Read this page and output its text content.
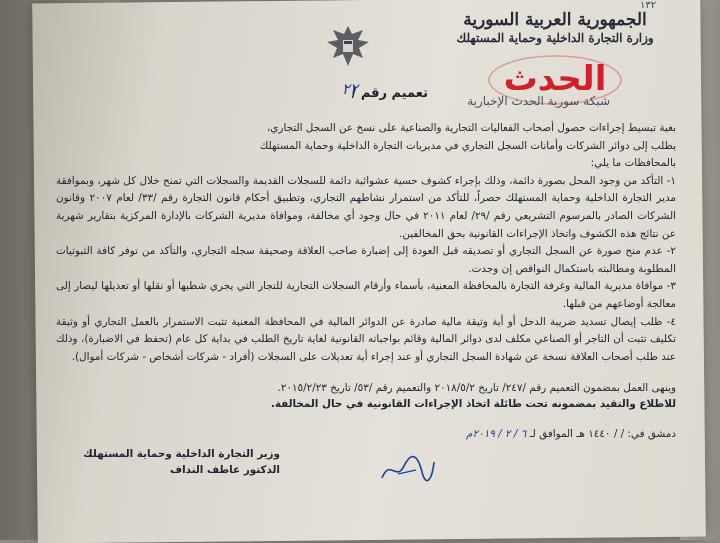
١٣٢
الجمهورية العربية السورية
وزارة التجارة الداخلية وحماية المستهلك
الحدث
شبكة سورية الحدث الإخبارية
تعميم رقم /
٢٢

بغية تبسيط إجراءات حصول أصحاب الفعاليات التجارية والصناعية على نسخ عن السجل التجاري،

يطلب إلى دوائر الشركات وأمانات السجل التجاري في مديريات التجارة الداخلية وحماية المستهلك

بالمحافظات ما يلي:

١- التأكد من وجود المحل بصورة دائمة، وذلك بإجراء كشوف حسية عشوائية دائمة للسجلات القديمة والسجلات التي تمنح خلال كل شهر، وبموافقة مدير التجارة الداخلية وحماية المستهلك حصراً، للتأكد من استمرار نشاطهم التجاري، وتطبيق أحكام قانون التجارة رقم /٣٣/ لعام ٢٠٠٧ وقانون الشركات الصادر بالمرسوم التشريعي رقم /٢٩/ لعام ٢٠١١ في حال وجود أي مخالفة، وموافاة مديرية الشركات بالإدارة المركزية بتقارير شهرية عن نتائج هذه الكشوف واتخاذ الإجراءات القانونية بحق المخالفين.

٢- عدم منح صورة عن السجل التجاري أو تصديقه قبل العودة إلى إضبارة صاحب العلاقة وصحيفة سجله التجاري، والتأكد من توفر كافة الثبوتيات المطلوبة ومطالبته باستكمال النواقص إن وجدت.

٣- موافاة مديرية المالية وغرفة التجارة بالمحافظة المعنية، بأسماء وأرقام السجلات التجارية للتجار التي يجري شطبها أو نقلها أو تعديلها ليصار إلى معالجة أوضاعهم من قبلها.

٤- طلب إيصال تسديد ضريبة الدخل أو أية وثيقة مالية صادرة عن الدوائر المالية في المحافظة المعنية تثبت الاستمرار بالعمل التجاري أو وثيقة تكليف تثبت أن التاجر أو الصناعي مكلف لدى دوائر المالية وقائم بواجباته القانونية لغاية تاريخ الطلب في بداية كل عام (تحفظ في الاضبارة)، وذلك عند طلب أصحاب العلاقة نسخة عن شهادة السجل التجاري أو عند إجراء أية تعديلات على السجلات (أفراد - شركات أشخاص - شركات أموال).

وينهى العمل بمضمون التعميم رقم /٢٤٧/ تاريخ ٢٠١٨/٥/٢ والتعميم رقم /٥٣/ تاريخ ٢٠١٥/٢/٢٣.
للاطلاع والتقيد بمضمونه تحت طائلة اتخاذ الإجراءات القانونية في حال المخالفة.
دمشق في: / / ١٤٤٠ هـ الموافق لـ ٦ / ٢ / ٢٠١٩م
وزير التجارة الداخلية وحماية المستهلك
الدكتور عاطف النداف
